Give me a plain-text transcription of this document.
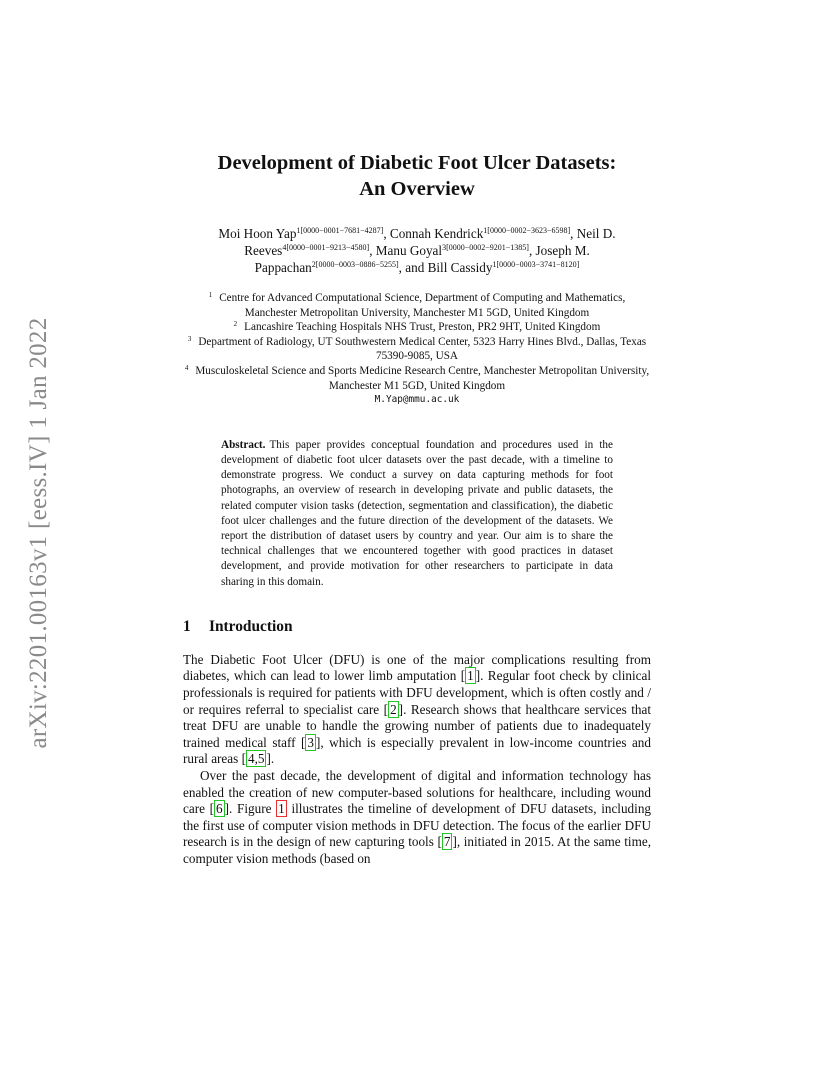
arXiv:2201.00163v1 [eess.IV] 1 Jan 2022
Development of Diabetic Foot Ulcer Datasets:
An Overview
Moi Hoon Yap$^{1[0000-0001-7681-4287]}$, Connah Kendrick$^{1[0000-0002-3623-6598]}$, Neil D. Reeves$^{4[0000-0001-9213-4580]}$, Manu Goyal$^{3[0000-0002-9201-1385]}$, Joseph M. Pappachan$^{2[0000-0003-0886-5255]}$, and Bill Cassidy$^{1[0000-0003-3741-8120]}$
$^1$ Centre for Advanced Computational Science, Department of Computing and Mathematics, Manchester Metropolitan University, Manchester M1 5GD, United Kingdom
$^2$ Lancashire Teaching Hospitals NHS Trust, Preston, PR2 9HT, United Kingdom
$^3$ Department of Radiology, UT Southwestern Medical Center, 5323 Harry Hines Blvd., Dallas, Texas 75390-9085, USA
$^4$ Musculoskeletal Science and Sports Medicine Research Centre, Manchester Metropolitan University, Manchester M1 5GD, United Kingdom
M.Yap@mmu.ac.uk
Abstract. This paper provides conceptual foundation and procedures used in the development of diabetic foot ulcer datasets over the past decade, with a timeline to demonstrate progress. We conduct a survey on data capturing methods for foot photographs, an overview of research in developing private and public datasets, the related computer vision tasks (detection, segmentation and classification), the diabetic foot ulcer challenges and the future direction of the development of the datasets. We report the distribution of dataset users by country and year. Our aim is to share the technical challenges that we encountered together with good practices in dataset development, and provide motivation for other researchers to participate in data sharing in this domain.
1 Introduction

The Diabetic Foot Ulcer (DFU) is one of the major complications resulting from diabetes, which can lead to lower limb amputation [ 1 ]. Regular foot check by clinical professionals is required for patients with DFU development, which is often costly and / or requires referral to specialist care [ 2 ]. Research shows that healthcare services that treat DFU are unable to handle the growing number of patients due to inadequately trained medical staff [ 3 ], which is especially prevalent in low-income countries and rural areas [ 4,5 ].

Over the past decade, the development of digital and information technology has enabled the creation of new computer-based solutions for healthcare, including wound care [ 6 ]. Figure 1 illustrates the timeline of development of DFU datasets, including the first use of computer vision methods in DFU detection. The focus of the earlier DFU research is in the design of new capturing tools [ 7 ], initiated in 2015. At the same time, computer vision methods (based on
